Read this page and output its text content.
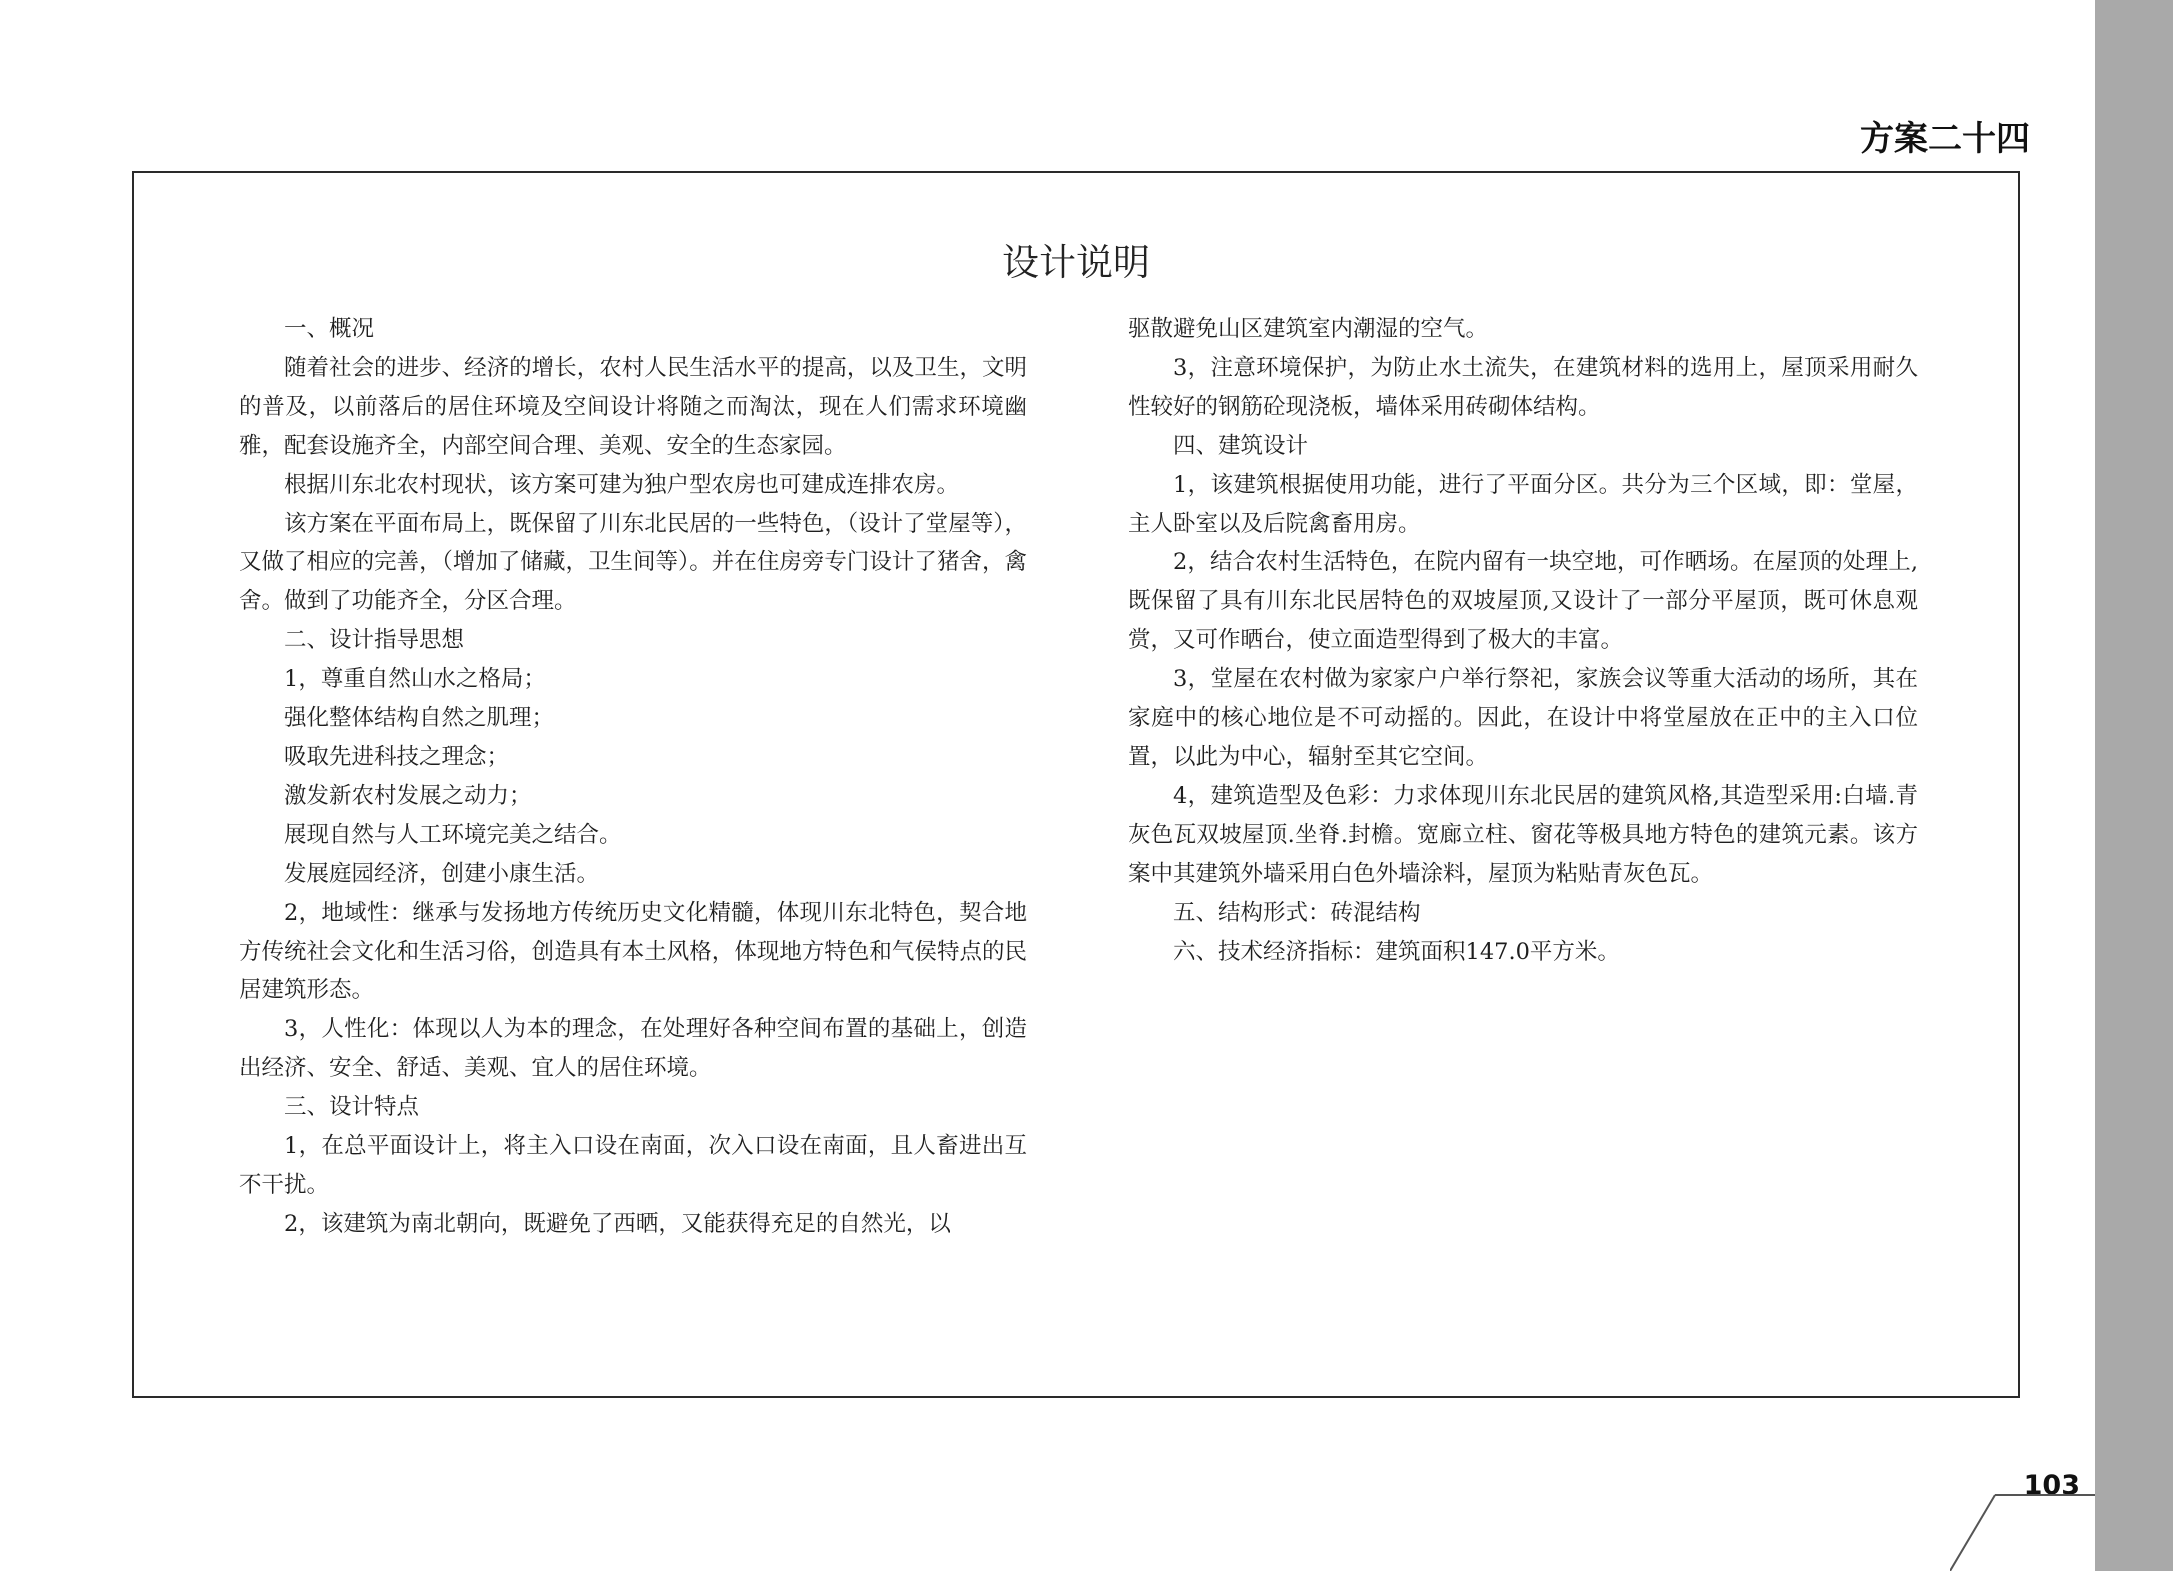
方案二十四
设计说明

一、概况

随着社会的进步、经济的增长，农村人民生活水平的提高，以及卫生，文明的普及，以前落后的居住环境及空间设计将随之而淘汰，现在人们需求环境幽雅，配套设施齐全，内部空间合理、美观、安全的生态家园。

根据川东北农村现状，该方案可建为独户型农房也可建成连排农房。

该方案在平面布局上，既保留了川东北民居的一些特色，（设计了堂屋等），又做了相应的完善，（增加了储藏，卫生间等）。并在住房旁专门设计了猪舍，禽舍。做到了功能齐全，分区合理。

二、设计指导思想

1，尊重自然山水之格局；

强化整体结构自然之肌理；

吸取先进科技之理念；

激发新农村发展之动力；

展现自然与人工环境完美之结合。

发展庭园经济，创建小康生活。

2，地域性：继承与发扬地方传统历史文化精髓，体现川东北特色，契合地方传统社会文化和生活习俗，创造具有本土风格，体现地方特色和气侯特点的民居建筑形态。

3，人性化：体现以人为本的理念，在处理好各种空间布置的基础上，创造出经济、安全、舒适、美观、宜人的居住环境。

三、设计特点

1，在总平面设计上，将主入口设在南面，次入口设在南面，且人畜进出互不干扰。

2，该建筑为南北朝向，既避免了西晒，又能获得充足的自然光，以

驱散避免山区建筑室内潮湿的空气。

3，注意环境保护，为防止水土流失，在建筑材料的选用上，屋顶采用耐久性较好的钢筋砼现浇板，墙体采用砖砌体结构。

四、建筑设计

1，该建筑根据使用功能，进行了平面分区。共分为三个区域，即：堂屋，主人卧室以及后院禽畜用房。

2，结合农村生活特色，在院内留有一块空地，可作晒场。在屋顶的处理上,既保留了具有川东北民居特色的双坡屋顶,又设计了一部分平屋顶，既可休息观赏，又可作晒台，使立面造型得到了极大的丰富。

3，堂屋在农村做为家家户户举行祭祀，家族会议等重大活动的场所，其在家庭中的核心地位是不可动摇的。因此，在设计中将堂屋放在正中的主入口位置，以此为中心，辐射至其它空间。

4，建筑造型及色彩：力求体现川东北民居的建筑风格,其造型采用:白墙.青灰色瓦双坡屋顶.坐脊.封檐。宽廊立柱、窗花等极具地方特色的建筑元素。该方案中其建筑外墙采用白色外墙涂料，屋顶为粘贴青灰色瓦。

五、结构形式：砖混结构

六、技术经济指标：建筑面积147.0平方米。

103
